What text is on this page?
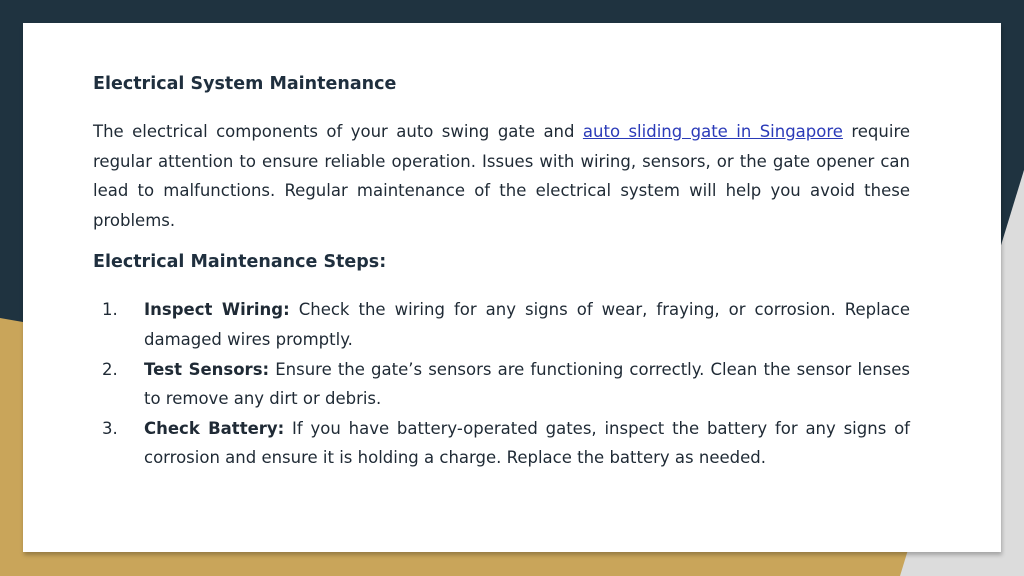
Electrical System Maintenance

The electrical components of your auto swing gate and auto sliding gate in Singapore require regular attention to ensure reliable operation. Issues with wiring, sensors, or the gate opener can lead to malfunctions. Regular maintenance of the electrical system will help you avoid these problems.

Electrical Maintenance Steps:
1. Inspect Wiring: Check the wiring for any signs of wear, fraying, or corrosion. Replace damaged wires promptly.
2. Test Sensors: Ensure the gate’s sensors are functioning correctly. Clean the sensor lenses to remove any dirt or debris.
3. Check Battery: If you have battery-operated gates, inspect the battery for any signs of corrosion and ensure it is holding a charge. Replace the battery as needed.
